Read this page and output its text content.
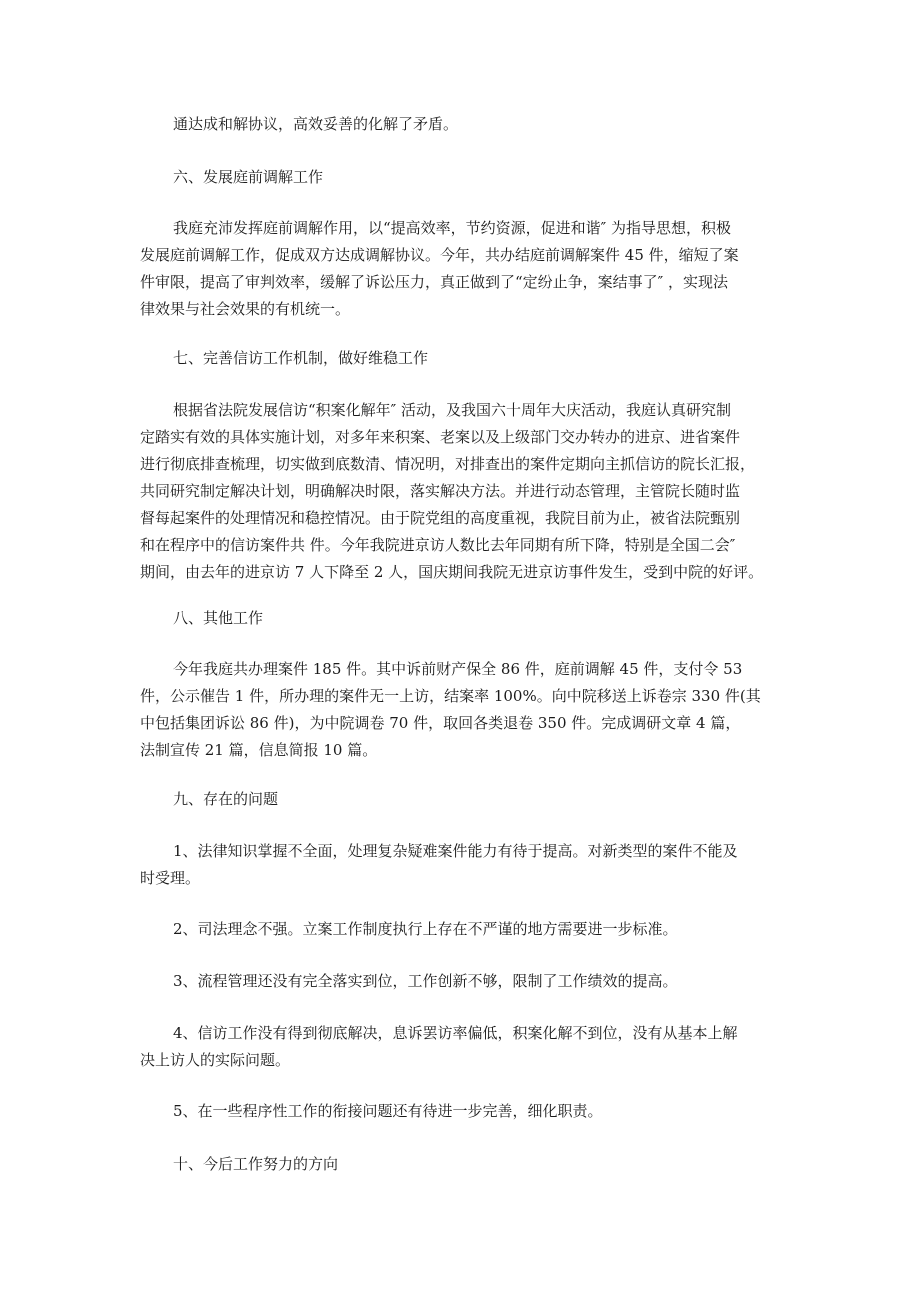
通达成和解协议，高效妥善的化解了矛盾。
六、发展庭前调解工作
我庭充沛发挥庭前调解作用，以“提高效率，节约资源，促进和谐″ 为指导思想，积极
发展庭前调解工作，促成双方达成调解协议。今年，共办结庭前调解案件 45 件，缩短了案
件审限，提高了审判效率，缓解了诉讼压力，真正做到了“定纷止争，案结事了″ ，实现法
律效果与社会效果的有机统一。
七、完善信访工作机制，做好维稳工作
根据省法院发展信访“积案化解年″ 活动，及我国六十周年大庆活动，我庭认真研究制
定踏实有效的具体实施计划，对多年来积案、老案以及上级部门交办转办的进京、进省案件
进行彻底排查梳理，切实做到底数清、情况明，对排查出的案件定期向主抓信访的院长汇报，
共同研究制定解决计划，明确解决时限，落实解决方法。并进行动态管理，主管院长随时监
督每起案件的处理情况和稳控情况。由于院党组的高度重视，我院目前为止，被省法院甄别
和在程序中的信访案件共 件。今年我院进京访人数比去年同期有所下降，特别是全国二会″
期间，由去年的进京访 7 人下降至 2 人，国庆期间我院无进京访事件发生，受到中院的好评。
八、其他工作
今年我庭共办理案件 185 件。其中诉前财产保全 86 件，庭前调解 45 件，支付令 53
件，公示催告 1 件，所办理的案件无一上访，结案率 100%。向中院移送上诉卷宗 330 件(其
中包括集团诉讼 86 件)，为中院调卷 70 件，取回各类退卷 350 件。完成调研文章 4 篇，
法制宣传 21 篇，信息简报 10 篇。
九、存在的问题
1、法律知识掌握不全面，处理复杂疑难案件能力有待于提高。对新类型的案件不能及
时受理。
2、司法理念不强。立案工作制度执行上存在不严谨的地方需要进一步标准。
3、流程管理还没有完全落实到位，工作创新不够，限制了工作绩效的提高。
4、信访工作没有得到彻底解决，息诉罢访率偏低，积案化解不到位，没有从基本上解
决上访人的实际问题。
5、在一些程序性工作的衔接问题还有待进一步完善，细化职责。
十、今后工作努力的方向
